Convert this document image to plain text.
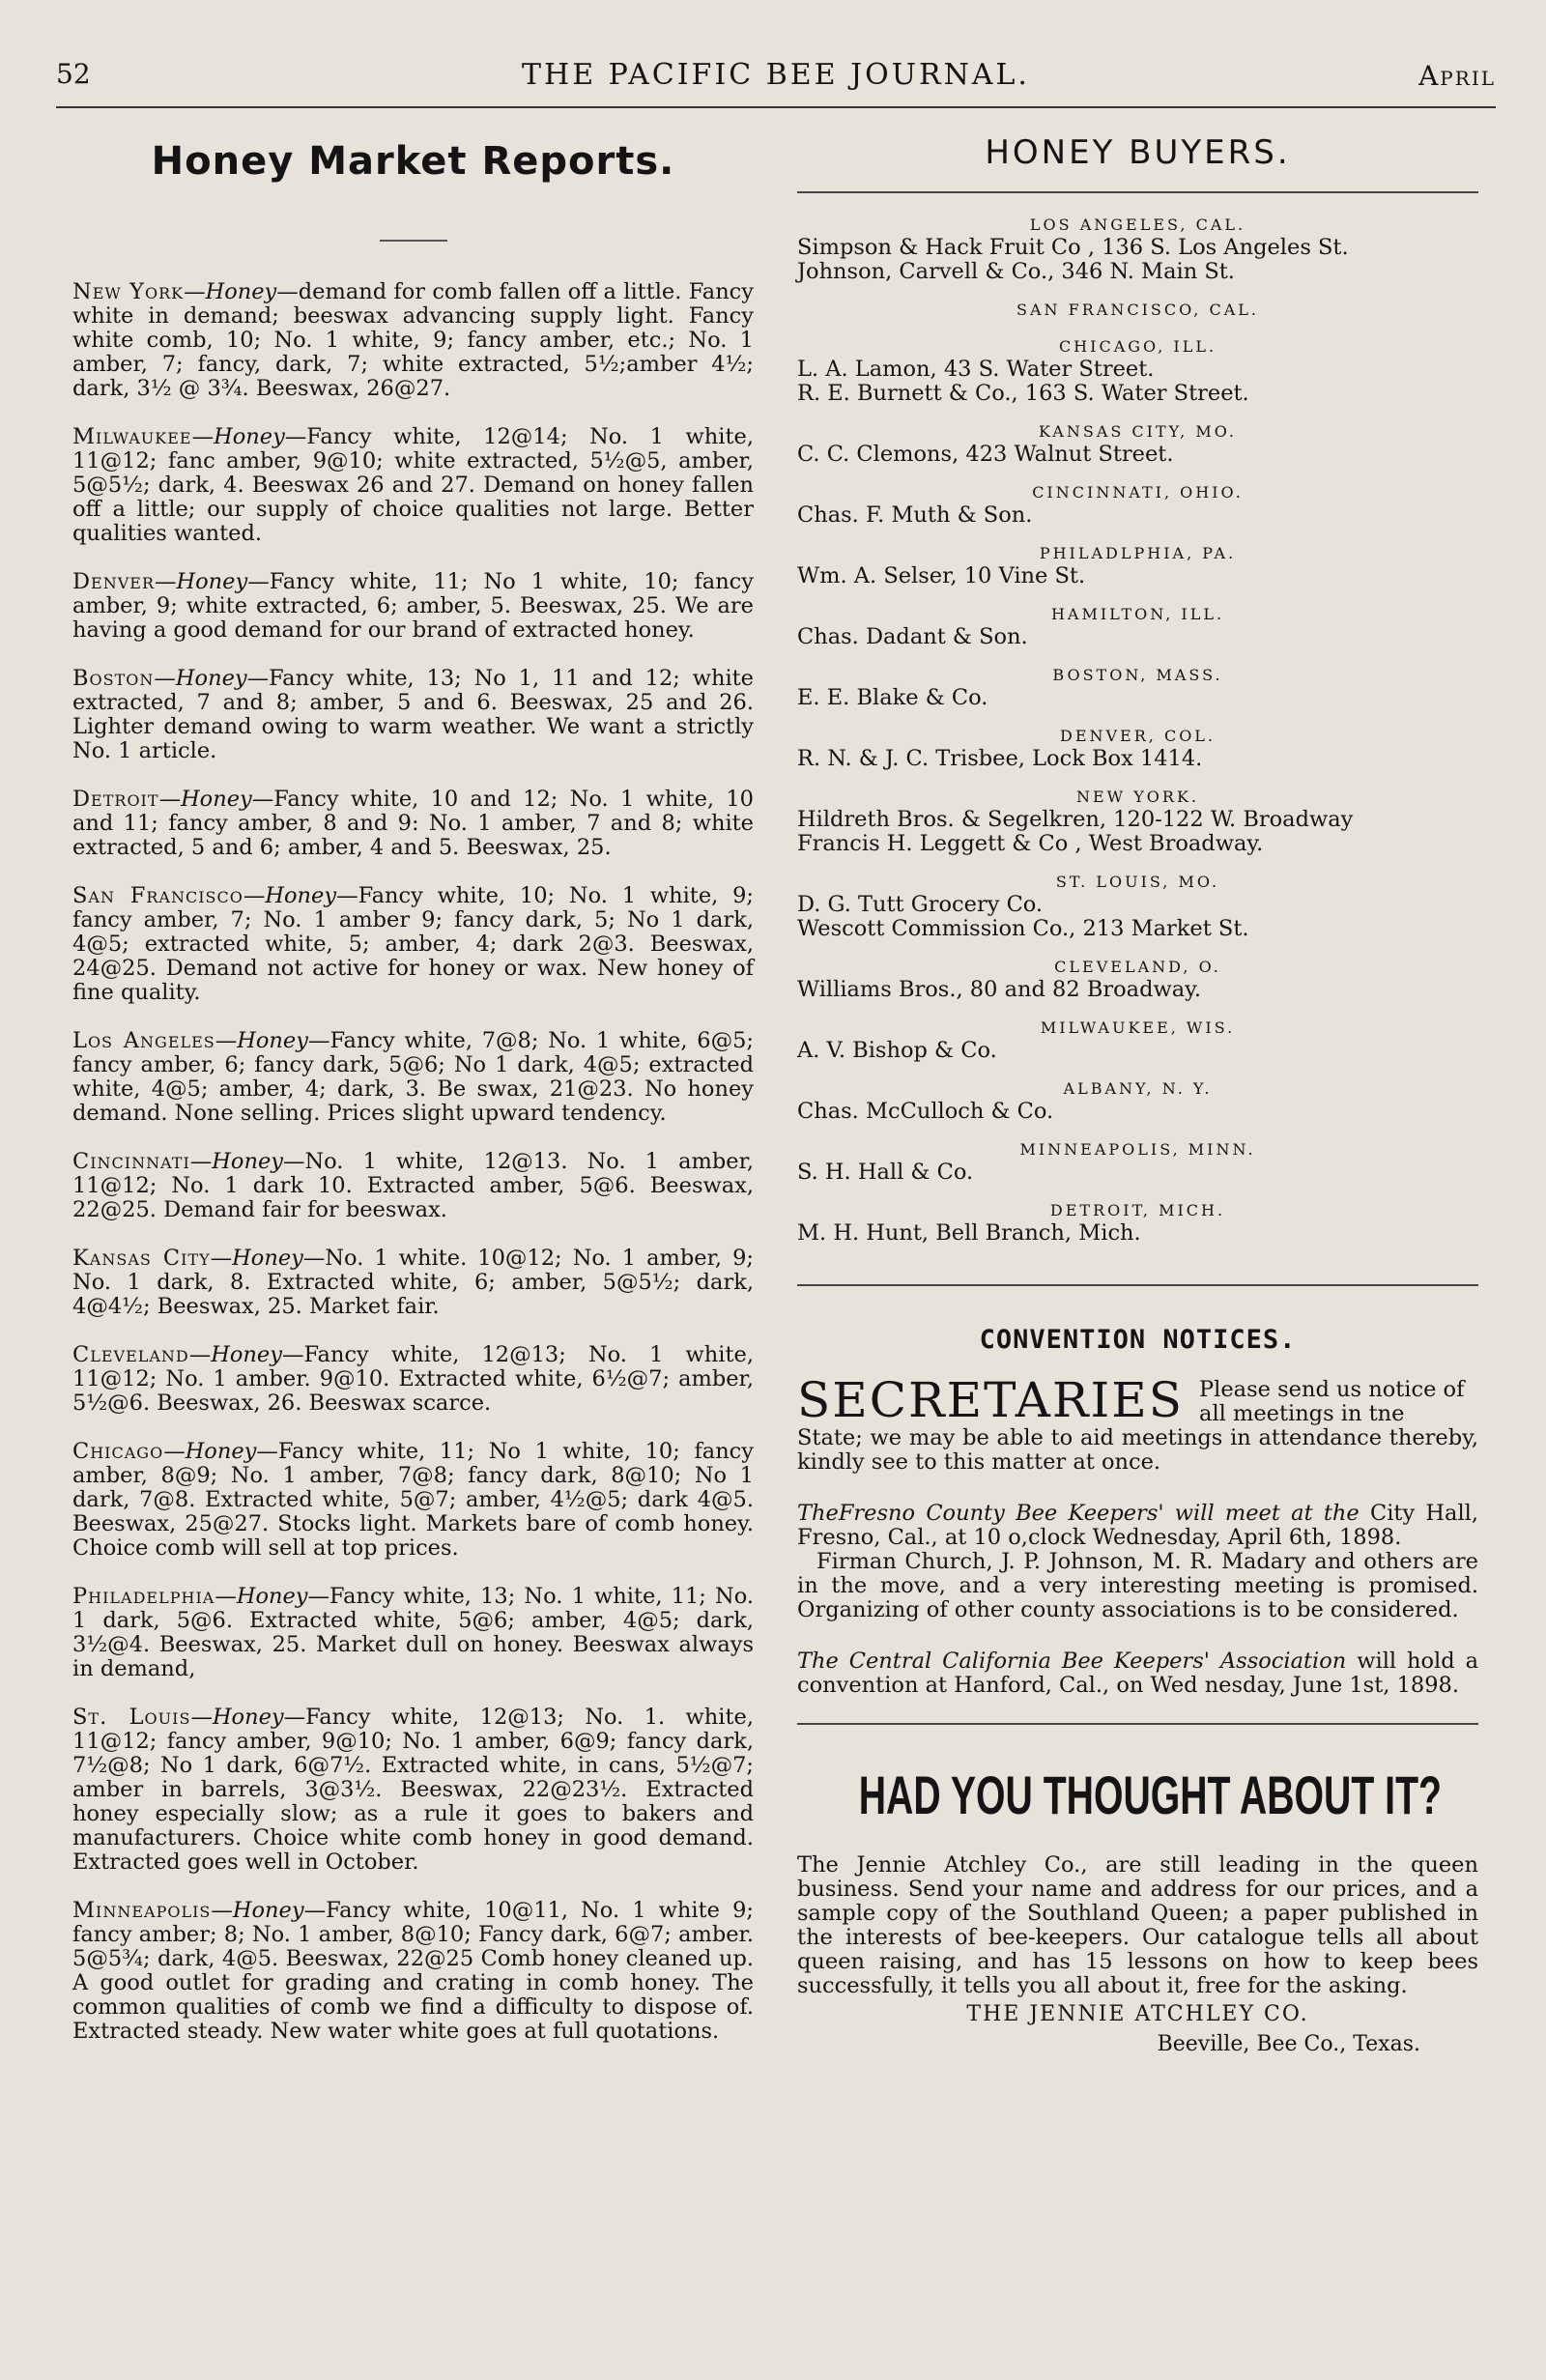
52	THE PACIFIC BEE JOURNAL.	April
Honey Market Reports.

New York—Honey—demand for comb fallen off a little. Fancy white in demand; beeswax advancing supply light. Fancy white comb, 10; No. 1 white, 9; fancy amber, etc.; No. 1 amber, 7; fancy, dark, 7; white extracted, 5½;amber 4½; dark, 3½ @ 3¾. Beeswax, 26@27.

Milwaukee—Honey—Fancy white, 12@14; No. 1 white, 11@12; fanc amber, 9@10; white extracted, 5½@5, amber, 5@5½; dark, 4. Beeswax 26 and 27. Demand on honey fallen off a little; our supply of choice qualities not large. Better qualities wanted.

Denver—Honey—Fancy white, 11; No 1 white, 10; fancy amber, 9; white extracted, 6; amber, 5. Beeswax, 25. We are having a good demand for our brand of extracted honey.

Boston—Honey—Fancy white, 13; No 1, 11 and 12; white extracted, 7 and 8; amber, 5 and 6. Beeswax, 25 and 26. Lighter demand owing to warm weather. We want a strictly No. 1 article.

Detroit—Honey—Fancy white, 10 and 12; No. 1 white, 10 and 11; fancy amber, 8 and 9: No. 1 amber, 7 and 8; white extracted, 5 and 6; amber, 4 and 5. Beeswax, 25.

San Francisco—Honey—Fancy white, 10; No. 1 white, 9; fancy amber, 7; No. 1 amber 9; fancy dark, 5; No 1 dark, 4@5; extracted white, 5; amber, 4; dark 2@3. Beeswax, 24@25. Demand not active for honey or wax. New honey of fine quality.

Los Angeles—Honey—Fancy white, 7@8; No. 1 white, 6@5; fancy amber, 6; fancy dark, 5@6; No 1 dark, 4@5; extracted white, 4@5; amber, 4; dark, 3. Be swax, 21@23. No honey demand. None selling. Prices slight upward tendency.

Cincinnati—Honey—No. 1 white, 12@13. No. 1 amber, 11@12; No. 1 dark 10. Extracted amber, 5@6. Beeswax, 22@25. Demand fair for beeswax.

Kansas City—Honey—No. 1 white. 10@12; No. 1 amber, 9; No. 1 dark, 8. Extracted white, 6; amber, 5@5½; dark, 4@4½; Beeswax, 25. Market fair.

Cleveland—Honey—Fancy white, 12@13; No. 1 white, 11@12; No. 1 amber. 9@10. Extracted white, 6½@7; amber, 5½@6. Beeswax, 26. Beeswax scarce.

Chicago—Honey—Fancy white, 11; No 1 white, 10; fancy amber, 8@9; No. 1 amber, 7@8; fancy dark, 8@10; No 1 dark, 7@8. Extracted white, 5@7; amber, 4½@5; dark 4@5. Beeswax, 25@27. Stocks light. Markets bare of comb honey. Choice comb will sell at top prices.

Philadelphia—Honey—Fancy white, 13; No. 1 white, 11; No. 1 dark, 5@6. Extracted white, 5@6; amber, 4@5; dark, 3½@4. Beeswax, 25. Market dull on honey. Beeswax always in demand,

St. Louis—Honey—Fancy white, 12@13; No. 1. white, 11@12; fancy amber, 9@10; No. 1 amber, 6@9; fancy dark, 7½@8; No 1 dark, 6@7½. Extracted white, in cans, 5½@7; amber in barrels, 3@3½. Beeswax, 22@23½. Extracted honey especially slow; as a rule it goes to bakers and manufacturers. Choice white comb honey in good demand. Extracted goes well in October.

Minneapolis—Honey—Fancy white, 10@11, No. 1 white 9; fancy amber; 8; No. 1 amber, 8@10; Fancy dark, 6@7; amber. 5@5¾; dark, 4@5. Beeswax, 22@25 Comb honey cleaned up. A good outlet for grading and crating in comb honey. The common qualities of comb we find a difficulty to dispose of. Extracted steady. New water white goes at full quotations.

HONEY BUYERS.
LOS ANGELES, CAL.

Simpson & Hack Fruit Co , 136 S. Los Angeles St.

Johnson, Carvell & Co., 346 N. Main St.

SAN FRANCISCO, CAL.
CHICAGO, ILL.

L. A. Lamon, 43 S. Water Street.

R. E. Burnett & Co., 163 S. Water Street.

KANSAS CITY, MO.

C. C. Clemons, 423 Walnut Street.

CINCINNATI, OHIO.

Chas. F. Muth & Son.

PHILADLPHIA, PA.

Wm. A. Selser, 10 Vine St.

HAMILTON, ILL.

Chas. Dadant & Son.

BOSTON, MASS.

E. E. Blake & Co.

DENVER, COL.

R. N. & J. C. Trisbee, Lock Box 1414.

NEW YORK.

Hildreth Bros. & Segelkren, 120-122 W. Broadway

Francis H. Leggett & Co , West Broadway.

ST. LOUIS, MO.

D. G. Tutt Grocery Co.

Wescott Commission Co., 213 Market St.

CLEVELAND, O.

Williams Bros., 80 and 82 Broadway.

MILWAUKEE, WIS.

A. V. Bishop & Co.

ALBANY, N. Y.

Chas. McCulloch & Co.

MINNEAPOLIS, MINN.

S. H. Hall & Co.

DETROIT, MICH.

M. H. Hunt, Bell Branch, Mich.

CONVENTION NOTICES.
SECRETARIES Please send us notice of all meetings in tne

State; we may be able to aid meetings in attendance thereby, kindly see to this matter at once.

TheFresno County Bee Keepers' will meet at the City Hall, Fresno, Cal., at 10 o,clock Wednesday, April 6th, 1898.

Firman Church, J. P. Johnson, M. R. Madary and others are in the move, and a very interesting meeting is promised. Organizing of other county associations is to be considered.

The Central California Bee Keepers' Association will hold a convention at Hanford, Cal., on Wed nesday, June 1st, 1898.

HAD YOU THOUGHT ABOUT IT?

The Jennie Atchley Co., are still leading in the queen business. Send your name and address for our prices, and a sample copy of the Southland Queen; a paper published in the interests of bee-keepers. Our catalogue tells all about queen raising, and has 15 lessons on how to keep bees successfully, it tells you all about it, free for the asking.

THE JENNIE ATCHLEY CO.
Beeville, Bee Co., Texas.
